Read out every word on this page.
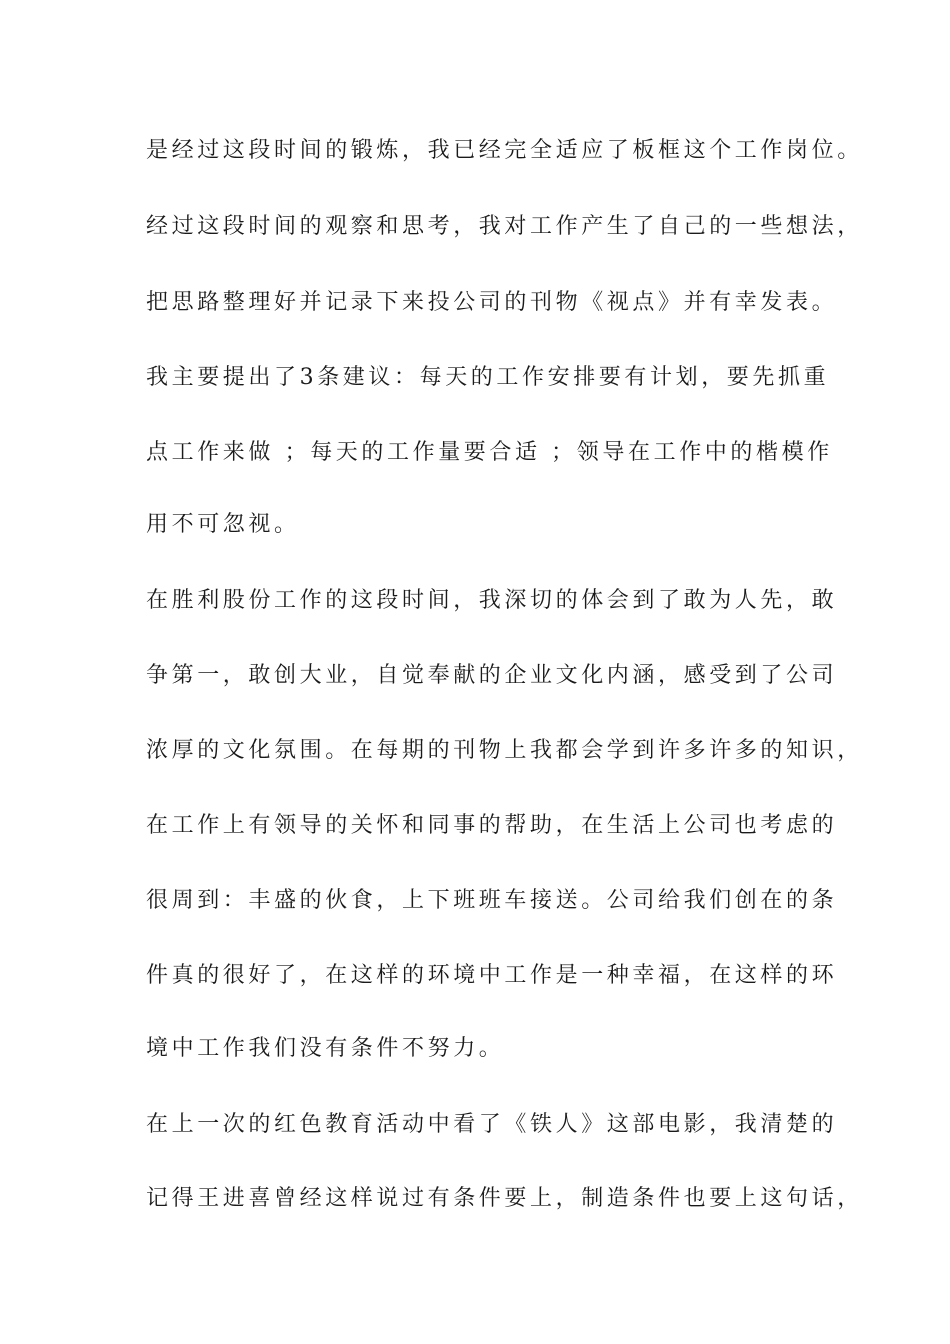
是经过这段时间的锻炼，我已经完全适应了板框这个工作岗位。
经过这段时间的观察和思考，我对工作产生了自己的一些想法，
把思路整理好并记录下来投公司的刊物《视点》并有幸发表。
我主要提出了3条建议：每天的工作安排要有计划，要先抓重
点工作来做 ；每天的工作量要合适 ；领导在工作中的楷模作
用不可忽视。
在胜利股份工作的这段时间，我深切的体会到了敢为人先，敢
争第一，敢创大业，自觉奉献的企业文化内涵，感受到了公司
浓厚的文化氛围。在每期的刊物上我都会学到许多许多的知识，
在工作上有领导的关怀和同事的帮助，在生活上公司也考虑的
很周到：丰盛的伙食，上下班班车接送。公司给我们创在的条
件真的很好了，在这样的环境中工作是一种幸福，在这样的环
境中工作我们没有条件不努力。
在上一次的红色教育活动中看了《铁人》这部电影，我清楚的
记得王进喜曾经这样说过有条件要上，制造条件也要上这句话，
